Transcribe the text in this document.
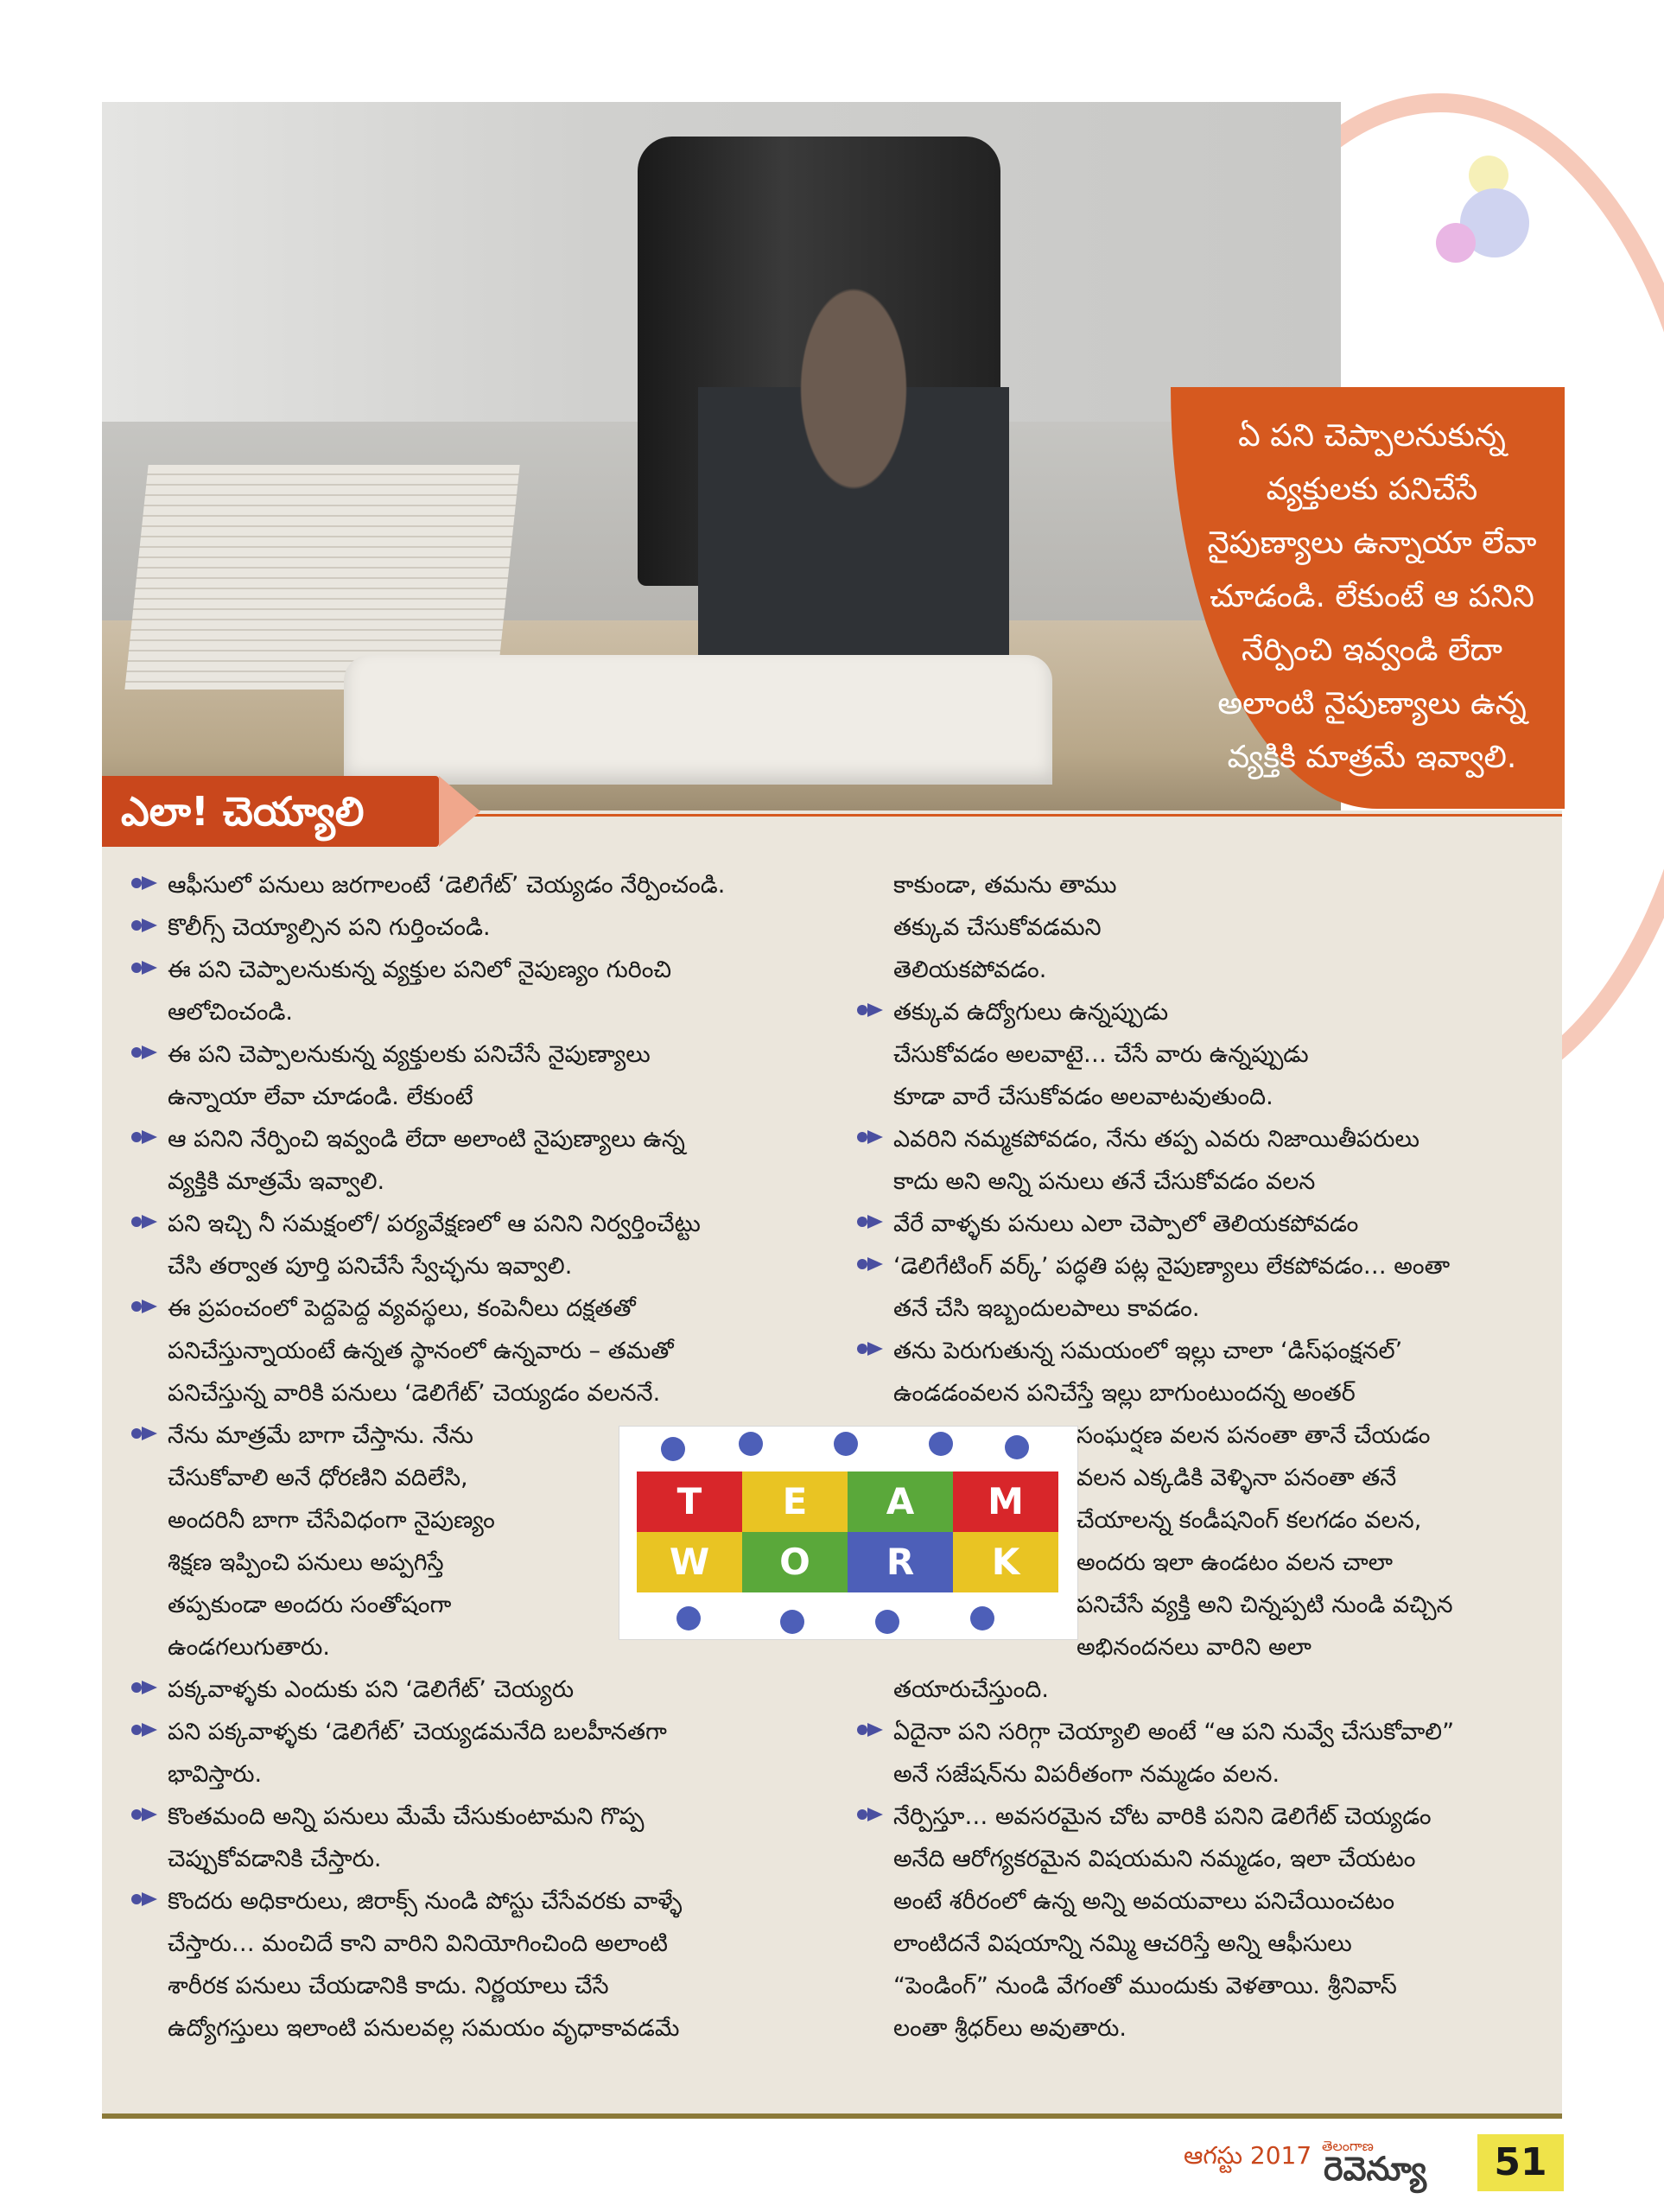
ఏ పని చెప్పాలనుకున్న వ్యక్తులకు పనిచేసే నైపుణ్యాలు ఉన్నాయా లేవా చూడండి. లేకుంటే ఆ పనిని నేర్పించి ఇవ్వండి లేదా అలాంటి నైపుణ్యాలు ఉన్న వ్యక్తికి మాత్రమే ఇవ్వాలి.
ఎలా! చెయ్యాలి
ఆఫీసులో పనులు జరగాలంటే ‘డెలిగేట్’ చెయ్యడం నేర్పించండి.
కొలీగ్స్ చెయ్యాల్సిన పని గుర్తించండి.
ఈ పని చెప్పాలనుకున్న వ్యక్తుల పనిలో నైపుణ్యం గురించి
ఆలోచించండి.
ఈ పని చెప్పాలనుకున్న వ్యక్తులకు పనిచేసే నైపుణ్యాలు
ఉన్నాయా లేవా చూడండి. లేకుంటే
ఆ పనిని నేర్పించి ఇవ్వండి లేదా అలాంటి నైపుణ్యాలు ఉన్న
వ్యక్తికి మాత్రమే ఇవ్వాలి.
పని ఇచ్చి నీ సమక్షంలో/ పర్యవేక్షణలో ఆ పనిని నిర్వర్తించేట్టు
చేసి తర్వాత పూర్తి పనిచేసే స్వేచ్ఛను ఇవ్వాలి.
ఈ ప్రపంచంలో పెద్దపెద్ద వ్యవస్థలు, కంపెనీలు దక్షతతో
పనిచేస్తున్నాయంటే ఉన్నత స్థానంలో ఉన్నవారు – తమతో
పనిచేస్తున్న వారికి పనులు ‘డెలిగేట్’ చెయ్యడం వలననే.
నేను మాత్రమే బాగా చేస్తాను. నేను
చేసుకోవాలి అనే ధోరణిని వదిలేసి,
అందరినీ బాగా చేసేవిధంగా నైపుణ్యం
శిక్షణ ఇప్పించి పనులు అప్పగిస్తే
తప్పకుండా అందరు సంతోషంగా
ఉండగలుగుతారు.
పక్కవాళ్ళకు ఎందుకు పని ‘డెలిగేట్’ చెయ్యరు
పని పక్కవాళ్ళకు ‘డెలిగేట్’ చెయ్యడమనేది బలహీనతగా
భావిస్తారు.
కొంతమంది అన్ని పనులు మేమే చేసుకుంటామని గొప్ప
చెప్పుకోవడానికి చేస్తారు.
కొందరు అధికారులు, జిరాక్స్ నుండి పోస్టు చేసేవరకు వాళ్ళే
చేస్తారు… మంచిదే కాని వారిని వినియోగించింది అలాంటి
శారీరక పనులు చేయడానికి కాదు. నిర్ణయాలు చేసే
ఉద్యోగస్తులు ఇలాంటి పనులవల్ల సమయం వృధాకావడమే
T E A M
W O R K
కాకుండా, తమను తాము
తక్కువ చేసుకోవడమని
తెలియకపోవడం.
తక్కువ ఉద్యోగులు ఉన్నప్పుడు
చేసుకోవడం అలవాటై… చేసే వారు ఉన్నప్పుడు
కూడా వారే చేసుకోవడం అలవాటవుతుంది.
ఎవరిని నమ్మకపోవడం, నేను తప్ప ఎవరు నిజాయితీపరులు
కాదు అని అన్ని పనులు తనే చేసుకోవడం వలన
వేరే వాళ్ళకు పనులు ఎలా చెప్పాలో తెలియకపోవడం
‘డెలిగేటింగ్ వర్క్’ పద్ధతి పట్ల నైపుణ్యాలు లేకపోవడం… అంతా
తనే చేసి ఇబ్బందులపాలు కావడం.
తను పెరుగుతున్న సమయంలో ఇల్లు చాలా ‘డిస్‌ఫంక్షనల్’
ఉండడంవలన పనిచేస్తే ఇల్లు బాగుంటుందన్న అంతర్
సంఘర్షణ వలన పనంతా తానే చేయడం
వలన ఎక్కడికి వెళ్ళినా పనంతా తనే
చేయాలన్న కండీషనింగ్ కలగడం వలన,
అందరు ఇలా ఉండటం వలన చాలా
పనిచేసే వ్యక్తి అని చిన్నప్పటి నుండి వచ్చిన
అభినందనలు వారిని అలా
తయారుచేస్తుంది.
ఏదైనా పని సరిగ్గా చెయ్యాలి అంటే “ఆ పని నువ్వే చేసుకోవాలి”
అనే సజేషన్‌ను విపరీతంగా నమ్మడం వలన.
నేర్పిస్తూ… అవసరమైన చోట వారికి పనిని డెలిగేట్ చెయ్యడం
అనేది ఆరోగ్యకరమైన విషయమని నమ్మడం, ఇలా చేయటం
అంటే శరీరంలో ఉన్న అన్ని అవయవాలు పనిచేయించటం
లాంటిదనే విషయాన్ని నమ్మి ఆచరిస్తే అన్ని ఆఫీసులు
“పెండింగ్” నుండి వేగంతో ముందుకు వెళతాయి. శ్రీనివాస్
లంతా శ్రీధర్‌లు అవుతారు.
ఆగస్టు 2017 తెలంగాణ
రెవెన్యూ	51
